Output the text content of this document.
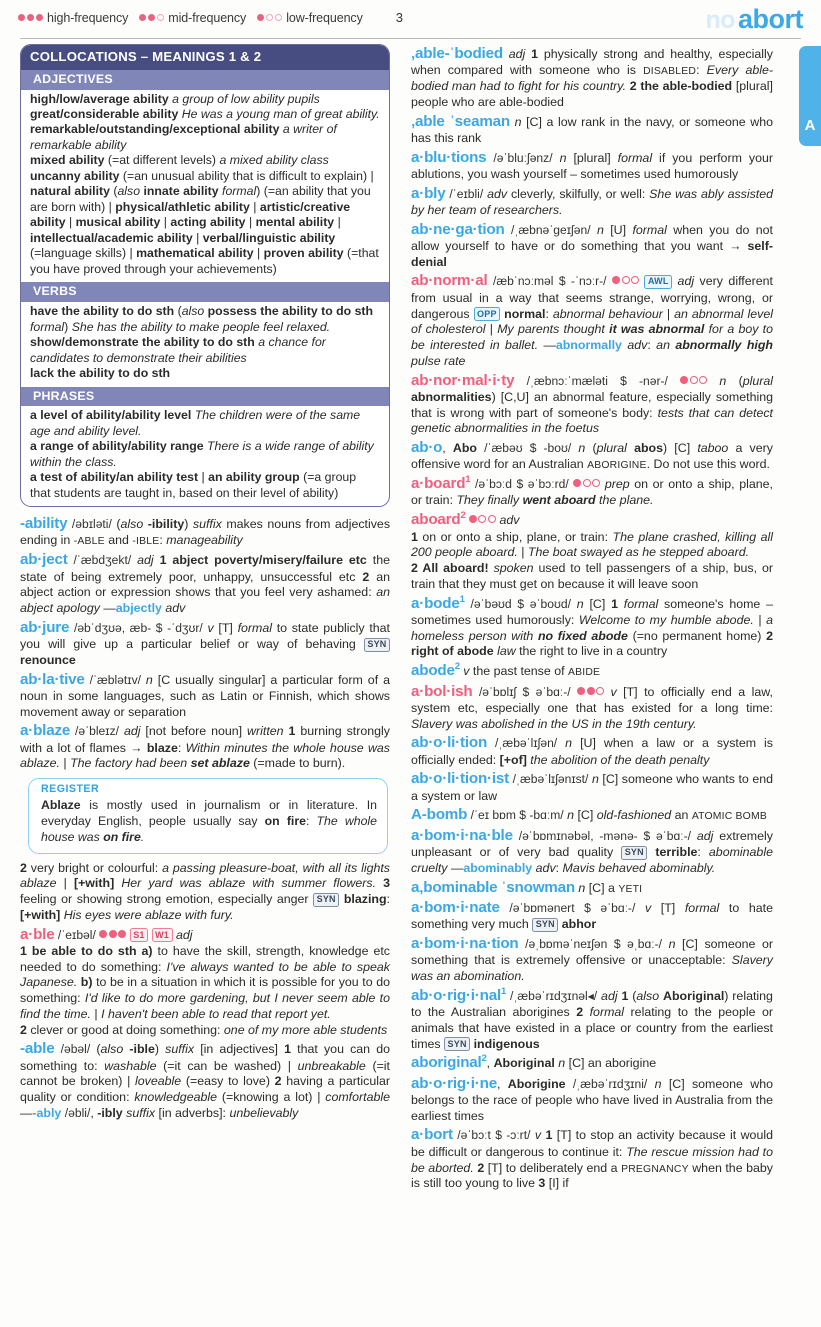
high-frequency	mid-frequency	low-frequency	3	no abort
A
COLLOCATIONS – MEANINGS 1 & 2
ADJECTIVES
high/low/average ability a group of low ability pupils
great/considerable ability He was a young man of great ability.
remarkable/outstanding/exceptional ability a writer of remarkable ability
mixed ability (=at different levels) a mixed ability class
uncanny ability (=an unusual ability that is difficult to explain) | natural ability (also innate ability formal) (=an ability that you are born with) | physical/athletic ability | artistic/creative ability | musical ability | acting ability | mental ability | intellectual/academic ability | verbal/linguistic ability (=language skills) | mathematical ability | proven ability (=that you have proved through your achievements)
VERBS
have the ability to do sth (also possess the ability to do sth formal) She has the ability to make people feel relaxed.
show/demonstrate the ability to do sth a chance for candidates to demonstrate their abilities
lack the ability to do sth
PHRASES
a level of ability/ability level The children were of the same age and ability level.
a range of ability/ability range There is a wide range of ability within the class.
a test of ability/an ability test | an ability group (=a group that students are taught in, based on their level of ability)
-ability /əbɪləti/ (also -ibility) suffix makes nouns from adjectives ending in -ABLE and -IBLE: manageability
ab·ject /ˈæbdʒekt/ adj 1 abject poverty/misery/failure etc the state of being extremely poor, unhappy, unsuccessful etc 2 an abject action or expression shows that you feel very ashamed: an abject apology —abjectly adv
ab·jure /əbˈdʒʊə, æb- $ -ˈdʒʊr/ v [T] formal to state publicly that you will give up a particular belief or way of behaving SYN renounce
ab·la·tive /ˈæblətɪv/ n [C usually singular] a particular form of a noun in some languages, such as Latin or Finnish, which shows movement away or separation
a·blaze /əˈbleɪz/ adj [not before noun] written 1 burning strongly with a lot of flames → blaze: Within minutes the whole house was ablaze. | The factory had been set ablaze (=made to burn).
REGISTER
Ablaze is mostly used in journalism or in literature. In everyday English, people usually say on fire: The whole house was on fire.
2 very bright or colourful: a passing pleasure-boat, with all its lights ablaze | [+with] Her yard was ablaze with summer flowers. 3 feeling or showing strong emotion, especially anger SYN blazing: [+with] His eyes were ablaze with fury.
a·ble /ˈeɪbəl/	S1 W1 adj
1 be able to do sth a) to have the skill, strength, knowledge etc needed to do something: I've always wanted to be able to speak Japanese. b) to be in a situation in which it is possible for you to do something: I'd like to do more gardening, but I never seem able to find the time. | I haven't been able to read that report yet.
2 clever or good at doing something: one of my more able students
-able /əbəl/ (also -ible) suffix [in adjectives] 1 that you can do something to: washable (=it can be washed) | unbreakable (=it cannot be broken) | loveable (=easy to love) 2 having a particular quality or condition: knowledgeable (=knowing a lot) | comfortable —-ably /əbli/, -ibly suffix [in adverbs]: unbelievably
‚able-ˈbodied adj 1 physically strong and healthy, especially when compared with someone who is DISABLED: Every able-bodied man had to fight for his country. 2 the able-bodied [plural] people who are able-bodied
‚able ˈseaman n [C] a low rank in the navy, or someone who has this rank
a·blu·tions /əˈbluːʃənz/ n [plural] formal if you perform your ablutions, you wash yourself – sometimes used humorously
a·bly /ˈeɪbli/ adv cleverly, skilfully, or well: She was ably assisted by her team of researchers.
ab·ne·ga·tion /ˌæbnəˈɡeɪʃən/ n [U] formal when you do not allow yourself to have or do something that you want → self-denial
ab·norm·al /æbˈnɔːməl $ -ˈnɔːr-/	AWL adj very different from usual in a way that seems strange, worrying, wrong, or dangerous OPP normal: abnormal behaviour | an abnormal level of cholesterol | My parents thought it was abnormal for a boy to be interested in ballet. —abnormally adv: an abnormally high pulse rate
ab·nor·mal·i·ty /ˌæbnɔːˈmæləti $ -nər-/	n (plural abnormalities) [C,U] an abnormal feature, especially something that is wrong with part of someone's body: tests that can detect genetic abnormalities in the foetus
ab·o, Abo /ˈæbəʊ $ -boʊ/ n (plural abos) [C] taboo a very offensive word for an Australian ABORIGINE. Do not use this word.
a·board$^1$ /əˈbɔːd $ əˈbɔːrd/	prep on or onto a ship, plane, or train: They finally went aboard the plane.
aboard$^2$	adv
1 on or onto a ship, plane, or train: The plane crashed, killing all 200 people aboard. | The boat swayed as he stepped aboard.
2 All aboard! spoken used to tell passengers of a ship, bus, or train that they must get on because it will leave soon
a·bode$^1$ /əˈbəʊd $ əˈboʊd/ n [C] 1 formal someone's home – sometimes used humorously: Welcome to my humble abode. | a homeless person with no fixed abode (=no permanent home) 2 right of abode law the right to live in a country
abode$^2$ v the past tense of ABIDE
a·bol·ish /əˈbɒlɪʃ $ əˈbɑː-/	v [T] to officially end a law, system etc, especially one that has existed for a long time: Slavery was abolished in the US in the 19th century.
ab·o·li·tion /ˌæbəˈlɪʃən/ n [U] when a law or a system is officially ended: [+of] the abolition of the death penalty
ab·o·li·tion·ist /ˌæbəˈlɪʃənɪst/ n [C] someone who wants to end a system or law
A-bomb /ˈeɪ bɒm $ -bɑːm/ n [C] old-fashioned an ATOMIC BOMB
a·bom·i·na·ble /əˈbɒmɪnəbəl, -mənə- $ əˈbɑː-/ adj extremely unpleasant or of very bad quality SYN terrible: abominable cruelty —abominably adv: Mavis behaved abominably.
a‚bominable ˈsnowman n [C] a YETI
a·bom·i·nate /əˈbɒmənert $ əˈbɑː-/ v [T] formal to hate something very much SYN abhor
a·bom·i·na·tion /əˌbɒməˈneɪʃən $ əˌbɑː-/ n [C] someone or something that is extremely offensive or unacceptable: Slavery was an abomination.
ab·o·rig·i·nal$^1$ /ˌæbəˈrɪdʒɪnəl◂/ adj 1 (also Aboriginal) relating to the Australian aborigines 2 formal relating to the people or animals that have existed in a place or country from the earliest times SYN indigenous
aboriginal$^2$, Aboriginal n [C] an aborigine
ab·o·rig·i·ne, Aborigine /ˌæbəˈrɪdʒɪni/ n [C] someone who belongs to the race of people who have lived in Australia from the earliest times
a·bort /əˈbɔːt $ -ɔːrt/ v 1 [T] to stop an activity because it would be difficult or dangerous to continue it: The rescue mission had to be aborted. 2 [T] to deliberately end a PREGNANCY when the baby is still too young to live 3 [I] if
